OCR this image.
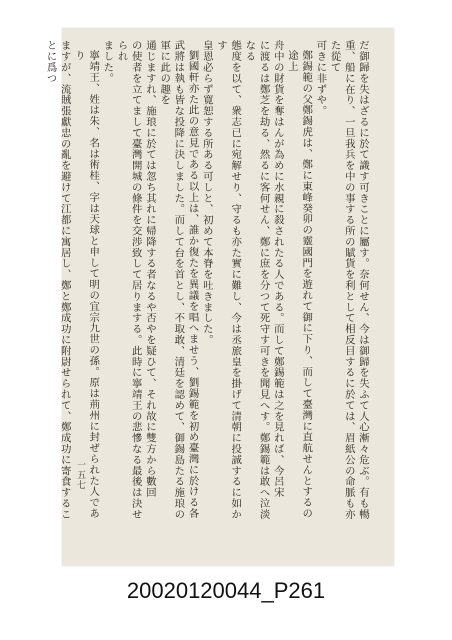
だ御歸を失はざるに於て識す可きことに屬す。奈何せん、今は御歸を失ふて人心漸々危ぶ。有も暢
重、船に在り、一旦我兵を中の事する所の賦貨を利として相反目するに於ては、眉紙公の命脈も亦た從て
可きに非ずや。
鄭錫範の父鄭錫虎は、鄭に東峰癸卯の靈國門を遊れて御に下り、而して臺灣に直航せんとするの途上
舟中の財貨を奪はんが為めに水親に殺されたる人である。而して鄭錫範は之を見れば、今呂宋
に渡るは鄭芝を劫る、然るに客何せん、鄭に庶を分つて死守す可きを聞見へす。鄭錫範は敢へ泣淡なる
態度を以て、衆志已に宛解せり、守るも亦た實に難し、今は丞旅皇を掛げて清朝に投誠するに如かす
皇恩必らず寛恕する所ある可しと、初めて本脊を吐きました。
劉國軒亦た此の意見である以上は、誰か復たを異議を唱へませう、劉錫範を初め臺灣に於ける各
武將は執も皆な投降に決しました。而して台を首とし、不取敢、清廷を認めて、御錫島たる施琅の軍に此の趣を
通じますれ、施琅に於ては忽ち其れに帰降する者なるや否やを疑ひて、それ故に雙方から數回
の使者を立てまして臺灣開城の條件を交渉致して居りまする。此時に寧靖王の悲慘なる最後は決せられ
ました。
寧靖王、姓は朱、名は術桂、字は天球と申して明の宜宗九世の孫。原は荊州に封ぜられた人であり
ますが、流賊張獻忠の亂を避けて江都に寓居し、鄭と鄭成功に附尉せられて、鄭成功に寄食することに爲つ
一五七
20020120044_P261
